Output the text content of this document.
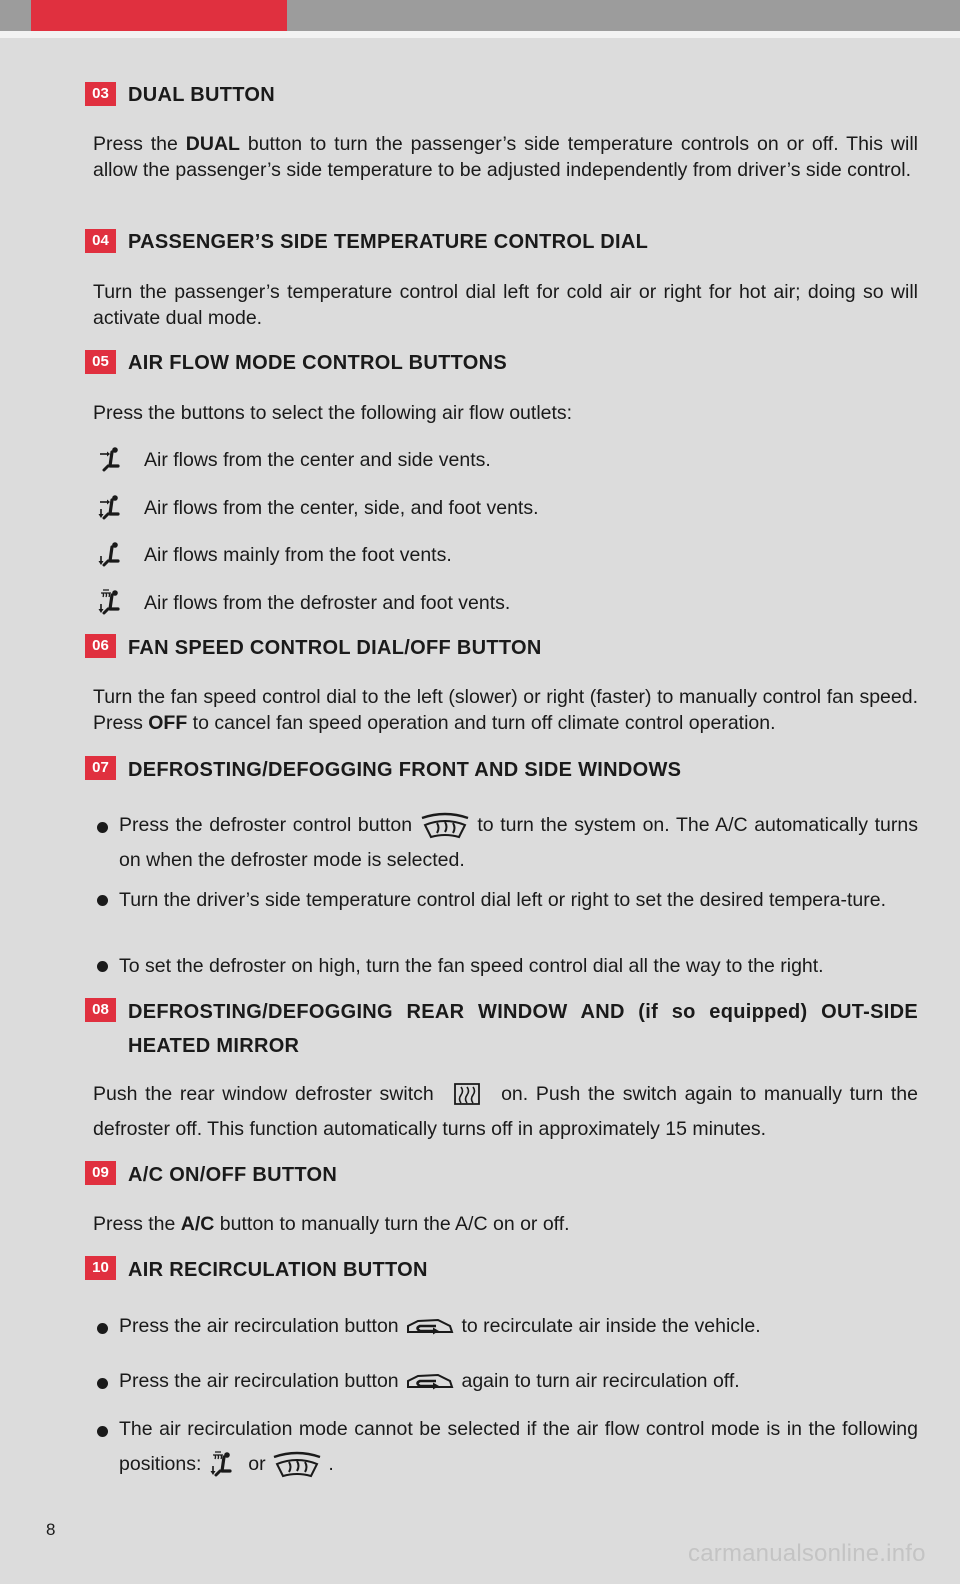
03 DUAL BUTTON
Press the DUAL button to turn the passenger’s side temperature controls on or off. This will allow the passenger’s side temperature to be adjusted independently from driver’s side control.
04 PASSENGER’S SIDE TEMPERATURE CONTROL DIAL
Turn the passenger’s temperature control dial left for cold air or right for hot air; doing so will activate dual mode.
05 AIR FLOW MODE CONTROL BUTTONS
Press the buttons to select the following air flow outlets:
Air flows from the center and side vents.
Air flows from the center, side, and foot vents.
Air flows mainly from the foot vents.
Air flows from the defroster and foot vents.
06 FAN SPEED CONTROL DIAL/OFF BUTTON
Turn the fan speed control dial to the left (slower) or right (faster) to manually control fan speed. Press OFF to cancel fan speed operation and turn off climate control operation.
07 DEFROSTING/DEFOGGING FRONT AND SIDE WINDOWS
Press the defroster control button	to turn the system on. The A/C automatically turns on when the defroster mode is selected.
Turn the driver’s side temperature control dial left or right to set the desired tempera-ture.
To set the defroster on high, turn the fan speed control dial all the way to the right.
08 DEFROSTING/DEFOGGING REAR WINDOW AND (if so equipped) OUT-SIDE HEATED MIRROR
Push the rear window defroster switch	on. Push the switch again to manually turn the defroster off. This function automatically turns off in approximately 15 minutes.
09 A/C ON/OFF BUTTON
Press the A/C button to manually turn the A/C on or off.
10 AIR RECIRCULATION BUTTON
Press the air recirculation button	to recirculate air inside the vehicle.
Press the air recirculation button	again to turn air recirculation off.
The air recirculation mode cannot be selected if the air flow control mode is in the following positions:  or	.
8
carmanualsonline.info
